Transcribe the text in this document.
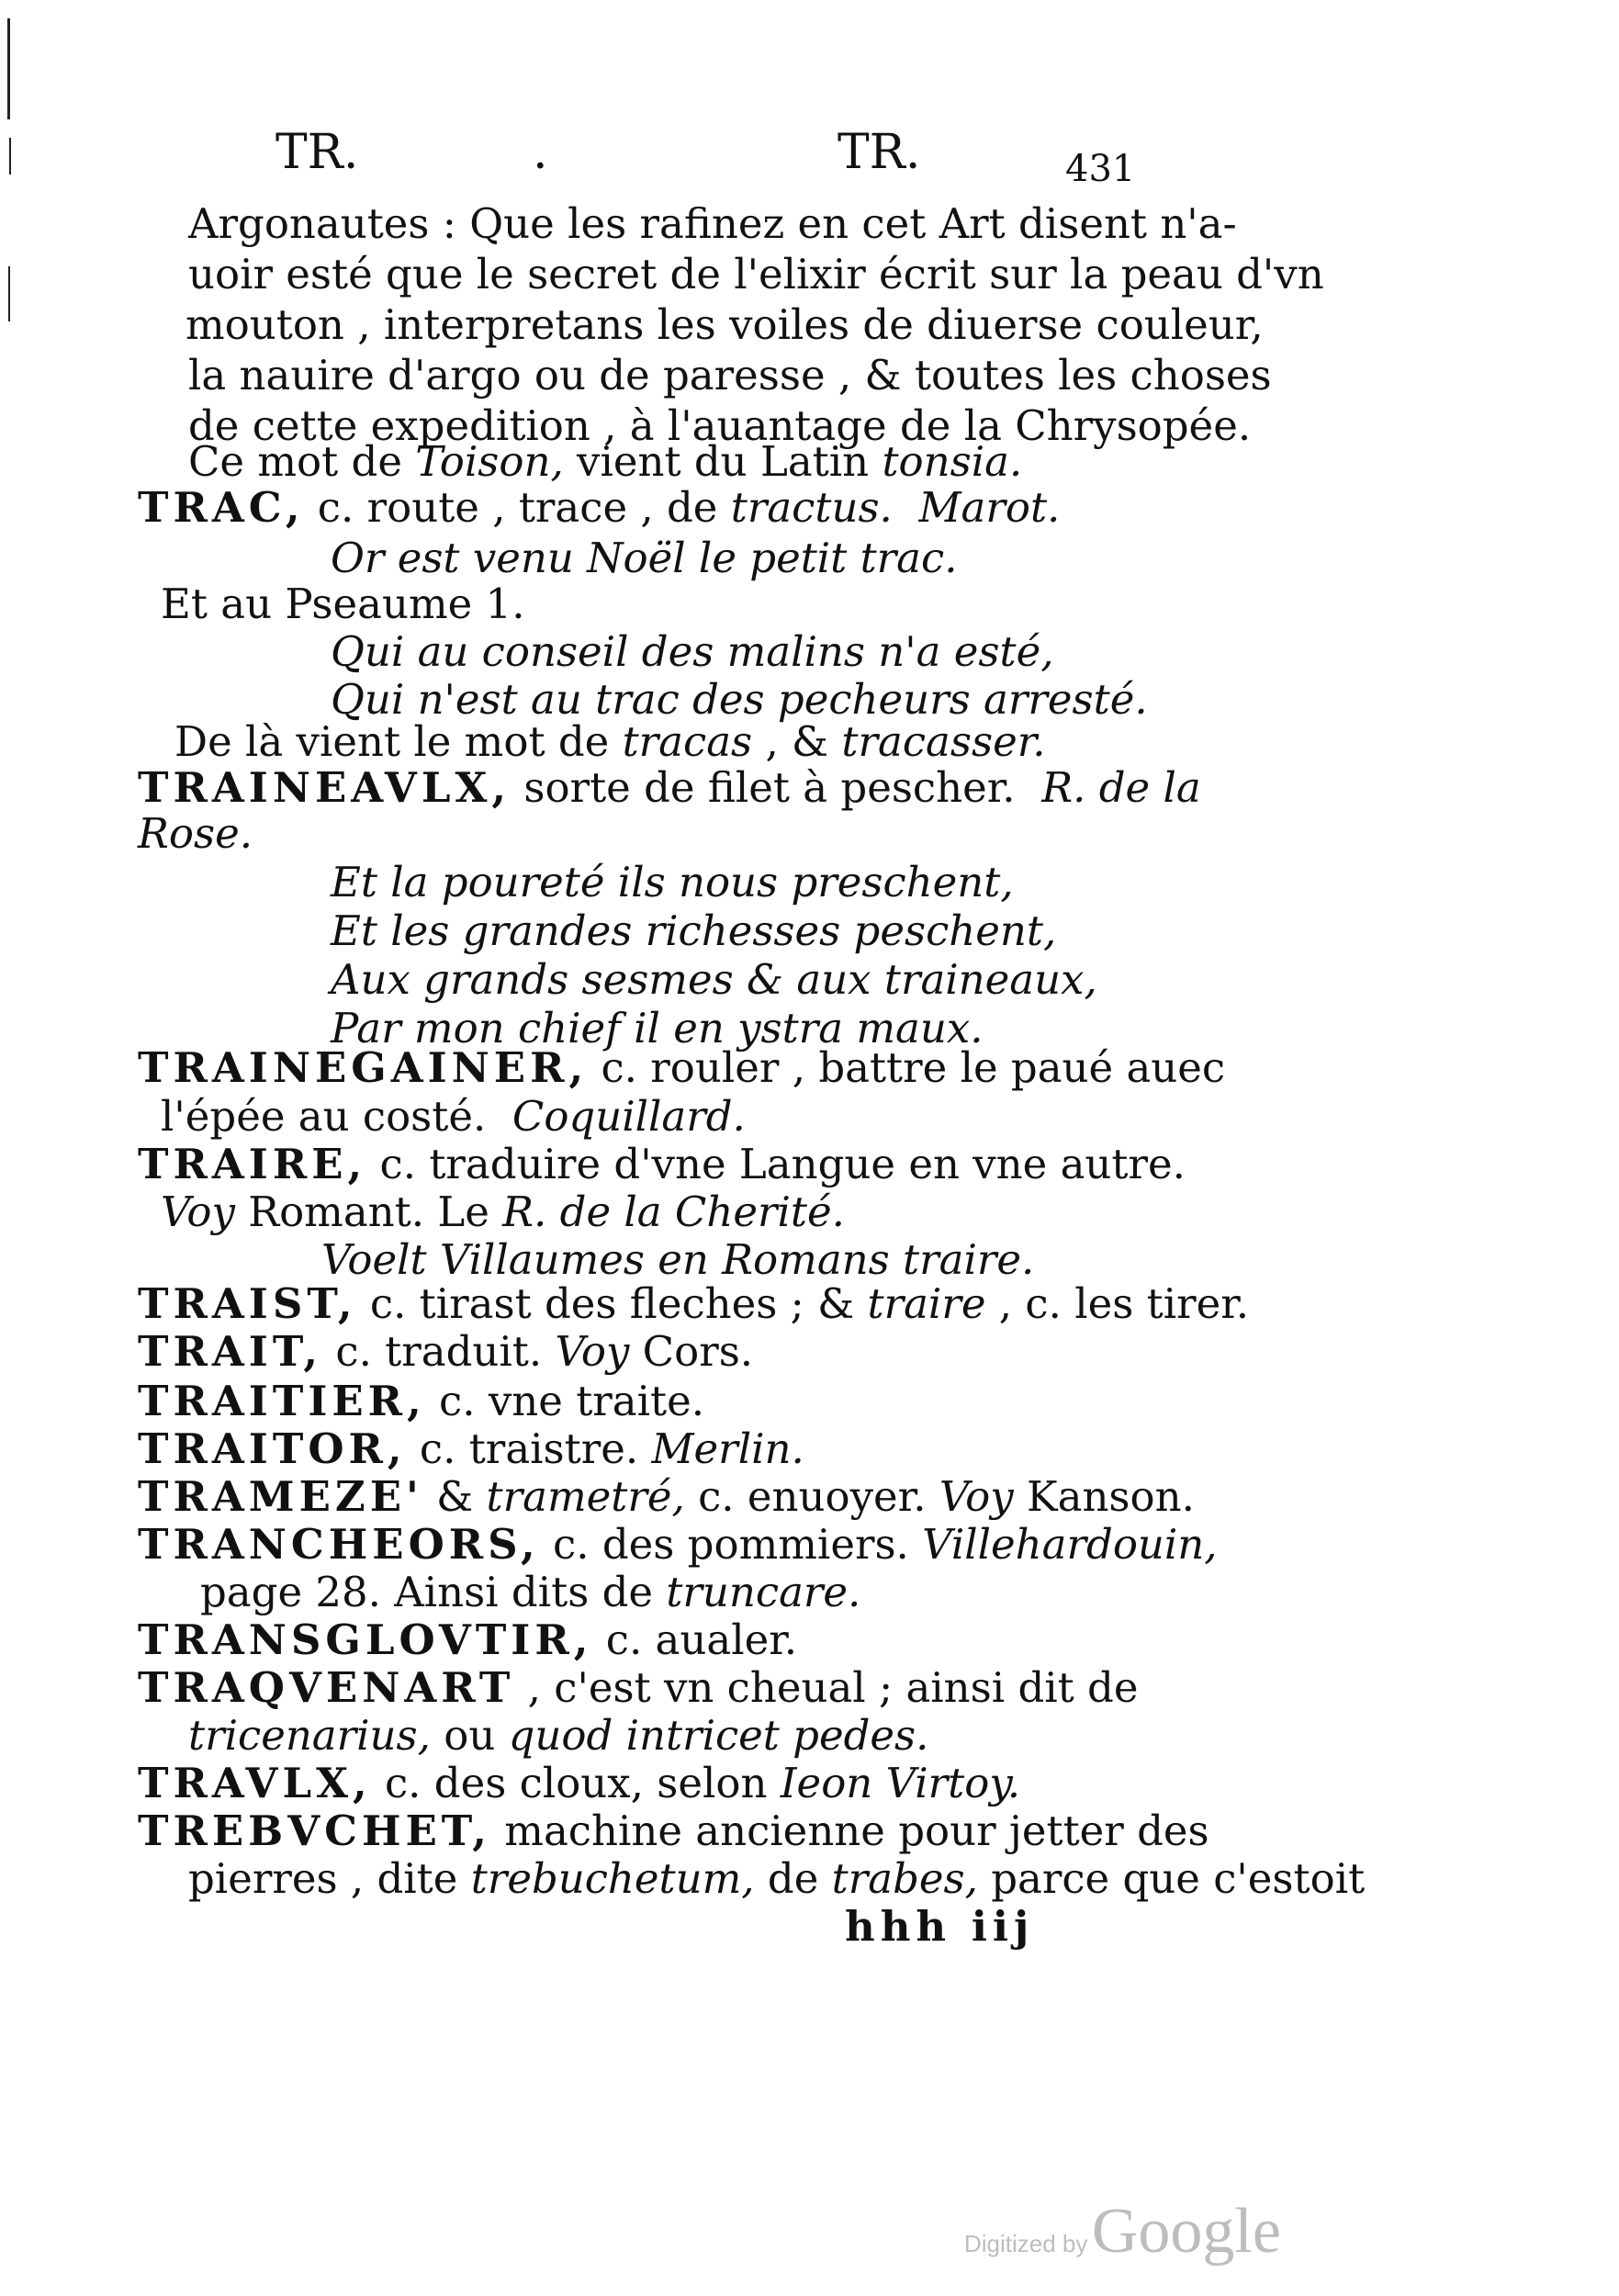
TR.	.	TR.	431
Argonautes : Que les rafinez en cet Art disent n'a-
uoir esté que le secret de l'elixir écrit sur la peau d'vn
mouton , interpretans les voiles de diuerse couleur,
la nauire d'argo ou de paresse , & toutes les choses
de cette expedition , à l'auantage de la Chrysopée.
Ce mot de Toison, vient du Latin tonsia.
TRAC, c. route , trace , de tractus. Marot.
Or est venu Noël le petit trac.
Et au Pseaume 1.
Qui au conseil des malins n'a esté,
Qui n'est au trac des pecheurs arresté.
De là vient le mot de tracas , & tracasser.
TRAINEAVLX, sorte de filet à pescher. R. de la
Rose.
Et la poureté ils nous preschent,
Et les grandes richesses peschent,
Aux grands sesmes & aux traineaux,
Par mon chief il en ystra maux.
TRAINEGAINER, c. rouler , battre le paué auec
l'épée au costé.  Coquillard.
TRAIRE, c. traduire d'vne Langue en vne autre.
Voy Romant. Le R. de la Cherité.
Voelt Villaumes en Romans traire.
TRAIST, c. tirast des fleches ; & traire , c. les tirer.
TRAIT, c. traduit. Voy Cors.
TRAITIER, c. vne traite.
TRAITOR, c. traistre. Merlin.
TRAMEZE' & trametré, c. enuoyer. Voy Kanson.
TRANCHEORS, c. des pommiers. Villehardouin,
page 28. Ainsi dits de truncare.
TRANSGLOVTIR, c. aualer.
TRAQVENART , c'est vn cheual ; ainsi dit de
tricenarius, ou quod intricet pedes.
TRAVLX, c. des cloux, selon Ieon Virtoy.
TREBVCHET, machine ancienne pour jetter des
pierres , dite trebuchetum, de trabes, parce que c'estoit
hhh iij
Digitized by Google
